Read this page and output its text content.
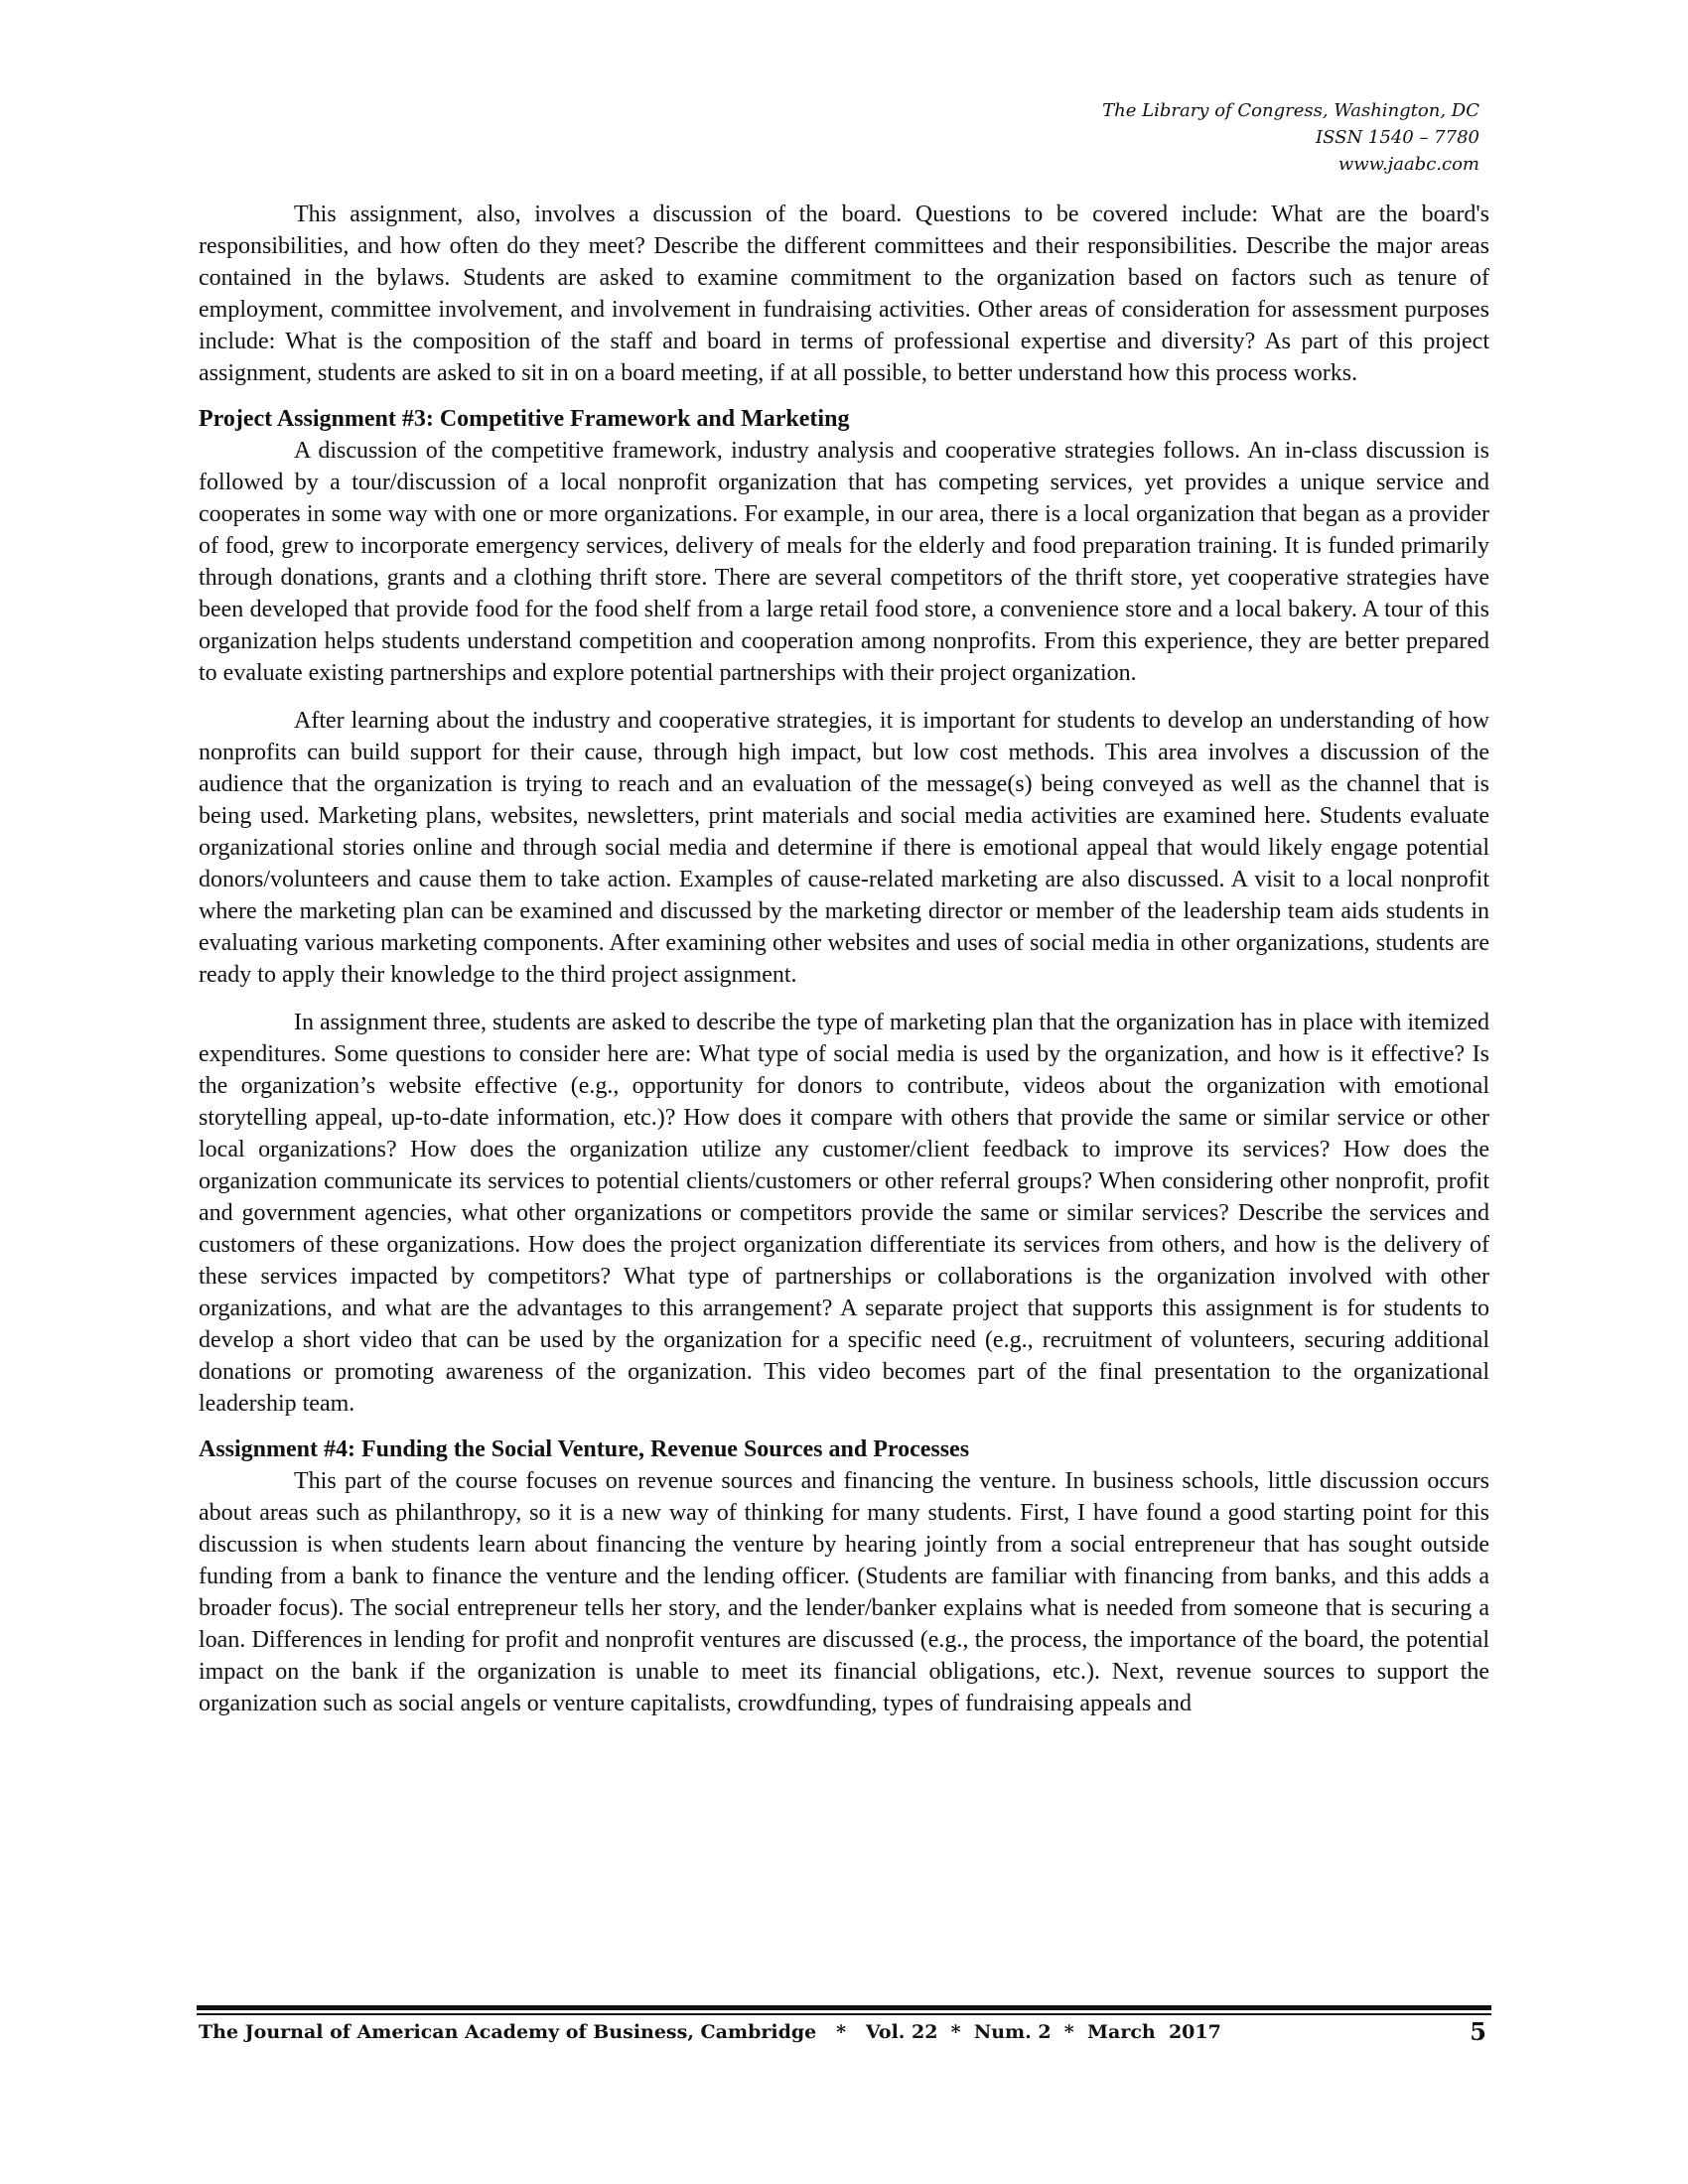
The Library of Congress, Washington, DC
ISSN 1540 – 7780
www.jaabc.com

This assignment, also, involves a discussion of the board. Questions to be covered include: What are the board's responsibilities, and how often do they meet? Describe the different committees and their responsibilities. Describe the major areas contained in the bylaws. Students are asked to examine commitment to the organization based on factors such as tenure of employment, committee involvement, and involvement in fundraising activities. Other areas of consideration for assessment purposes include: What is the composition of the staff and board in terms of professional expertise and diversity? As part of this project assignment, students are asked to sit in on a board meeting, if at all possible, to better understand how this process works.

Project Assignment #3: Competitive Framework and Marketing

A discussion of the competitive framework, industry analysis and cooperative strategies follows. An in-class discussion is followed by a tour/discussion of a local nonprofit organization that has competing services, yet provides a unique service and cooperates in some way with one or more organizations. For example, in our area, there is a local organization that began as a provider of food, grew to incorporate emergency services, delivery of meals for the elderly and food preparation training. It is funded primarily through donations, grants and a clothing thrift store. There are several competitors of the thrift store, yet cooperative strategies have been developed that provide food for the food shelf from a large retail food store, a convenience store and a local bakery. A tour of this organization helps students understand competition and cooperation among nonprofits. From this experience, they are better prepared to evaluate existing partnerships and explore potential partnerships with their project organization.

After learning about the industry and cooperative strategies, it is important for students to develop an understanding of how nonprofits can build support for their cause, through high impact, but low cost methods. This area involves a discussion of the audience that the organization is trying to reach and an evaluation of the message(s) being conveyed as well as the channel that is being used. Marketing plans, websites, newsletters, print materials and social media activities are examined here. Students evaluate organizational stories online and through social media and determine if there is emotional appeal that would likely engage potential donors/volunteers and cause them to take action. Examples of cause-related marketing are also discussed. A visit to a local nonprofit where the marketing plan can be examined and discussed by the marketing director or member of the leadership team aids students in evaluating various marketing components. After examining other websites and uses of social media in other organizations, students are ready to apply their knowledge to the third project assignment.

In assignment three, students are asked to describe the type of marketing plan that the organization has in place with itemized expenditures. Some questions to consider here are: What type of social media is used by the organization, and how is it effective? Is the organization’s website effective (e.g., opportunity for donors to contribute, videos about the organization with emotional storytelling appeal, up-to-date information, etc.)? How does it compare with others that provide the same or similar service or other local organizations? How does the organization utilize any customer/client feedback to improve its services? How does the organization communicate its services to potential clients/customers or other referral groups? When considering other nonprofit, profit and government agencies, what other organizations or competitors provide the same or similar services? Describe the services and customers of these organizations. How does the project organization differentiate its services from others, and how is the delivery of these services impacted by competitors? What type of partnerships or collaborations is the organization involved with other organizations, and what are the advantages to this arrangement? A separate project that supports this assignment is for students to develop a short video that can be used by the organization for a specific need (e.g., recruitment of volunteers, securing additional donations or promoting awareness of the organization. This video becomes part of the final presentation to the organizational leadership team.

Assignment #4: Funding the Social Venture, Revenue Sources and Processes

This part of the course focuses on revenue sources and financing the venture. In business schools, little discussion occurs about areas such as philanthropy, so it is a new way of thinking for many students. First, I have found a good starting point for this discussion is when students learn about financing the venture by hearing jointly from a social entrepreneur that has sought outside funding from a bank to finance the venture and the lending officer. (Students are familiar with financing from banks, and this adds a broader focus). The social entrepreneur tells her story, and the lender/banker explains what is needed from someone that is securing a loan. Differences in lending for profit and nonprofit ventures are discussed (e.g., the process, the importance of the board, the potential impact on the bank if the organization is unable to meet its financial obligations, etc.). Next, revenue sources to support the organization such as social angels or venture capitalists, crowdfunding, types of fundraising appeals and

The Journal of American Academy of Business, Cambridge   *   Vol. 22  *  Num. 2  *  March  2017	5
